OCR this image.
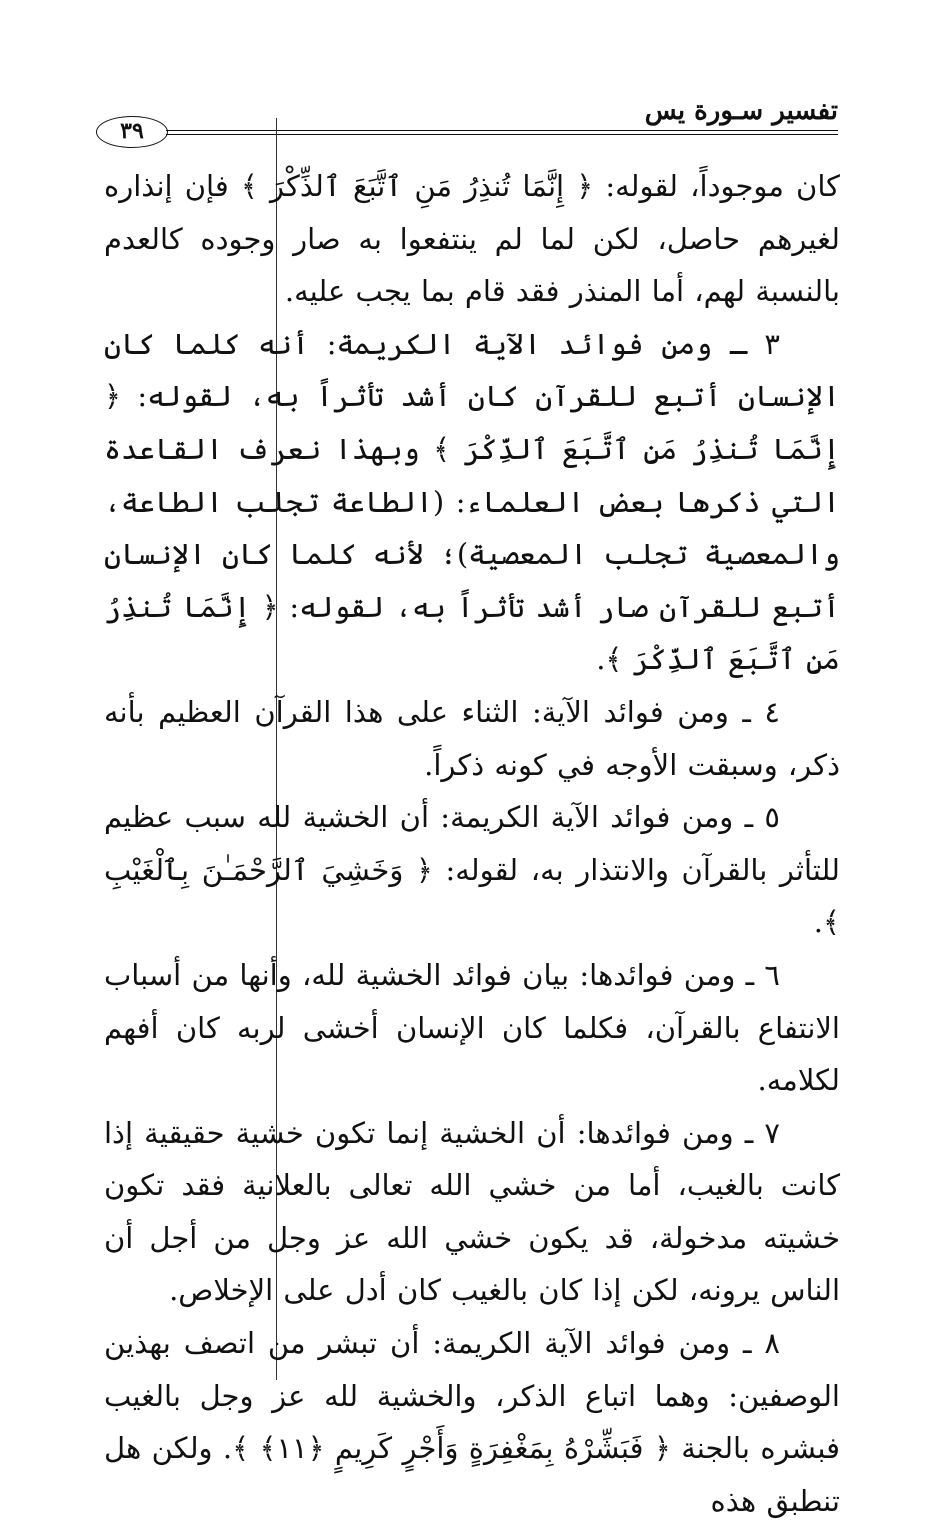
تفسير سـورة يس
٣٩

كان موجوداً، لقوله: ﴿ إِنَّمَا تُنذِرُ مَنِ ٱتَّبَعَ ٱلذِّكْرَ ﴾ فإن إنذاره لغيرهم حاصل، لكن لما لم ينتفعوا به صار وجوده كالعدم بالنسبة لهم، أما المنذر فقد قام بما يجب عليه.

٣ ـ ومن فوائد الآية الكريمة: أنه كلما كان الإنسان أتبع للقرآن كان أشد تأثراً به، لقوله: ﴿ إِنَّمَا تُنذِرُ مَنِ ٱتَّبَعَ ٱلذِّكْرَ ﴾ وبهذا نعرف القاعدة التي ذكرها بعض العلماء: (الطاعة تجلب الطاعة، والمعصية تجلب المعصية)؛ لأنه كلما كان الإنسان أتبع للقرآن صار أشد تأثراً به، لقوله: ﴿ إِنَّمَا تُنذِرُ مَنِ ٱتَّبَعَ ٱلذِّكْرَ ﴾.

٤ ـ ومن فوائد الآية: الثناء على هذا القرآن العظيم بأنه ذكر، وسبقت الأوجه في كونه ذكراً.

٥ ـ ومن فوائد الآية الكريمة: أن الخشية لله سبب عظيم للتأثر بالقرآن والانتذار به، لقوله: ﴿ وَخَشِيَ ٱلرَّحْمَـٰنَ بِٱلْغَيْبِ ﴾.

٦ ـ ومن فوائدها: بيان فوائد الخشية لله، وأنها من أسباب الانتفاع بالقرآن، فكلما كان الإنسان أخشى لربه كان أفهم لكلامه.

٧ ـ ومن فوائدها: أن الخشية إنما تكون خشية حقيقية إذا كانت بالغيب، أما من خشي الله تعالى بالعلانية فقد تكون خشيته مدخولة، قد يكون خشي الله عز وجل من أجل أن الناس يرونه، لكن إذا كان بالغيب كان أدل على الإخلاص.

٨ ـ ومن فوائد الآية الكريمة: أن تبشر من اتصف بهذين الوصفين: وهما اتباع الذكر، والخشية لله عز وجل بالغيب فبشره بالجنة ﴿ فَبَشِّرْهُ بِمَغْفِرَةٍ وَأَجْرٍ كَرِيمٍ ﴿١١﴾ ﴾. ولكن هل تنطبق هذه
